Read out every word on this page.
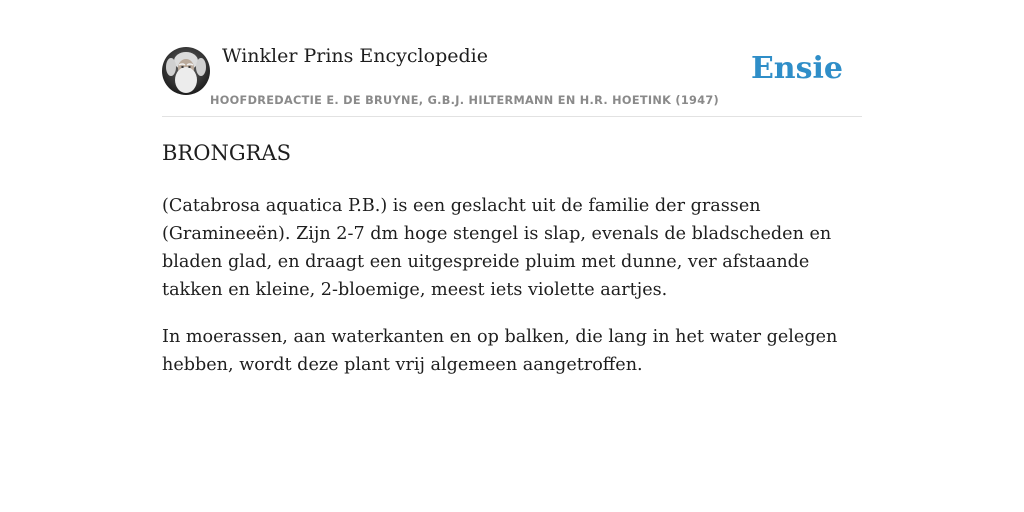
Winkler Prins Encyclopedie
HOOFDREDACTIE E. DE BRUYNE, G.B.J. HILTERMANN EN H.R. HOETINK (1947)
Ensie
BRONGRAS

(Catabrosa aquatica P.B.) is een geslacht uit de familie der grassen (Gramineeën). Zijn 2-7 dm hoge stengel is slap, evenals de bladscheden en bladen glad, en draagt een uitgespreide pluim met dunne, ver afstaande takken en kleine, 2-bloemige, meest iets violette aartjes.

In moerassen, aan waterkanten en op balken, die lang in het water gelegen hebben, wordt deze plant vrij algemeen aangetroffen.
